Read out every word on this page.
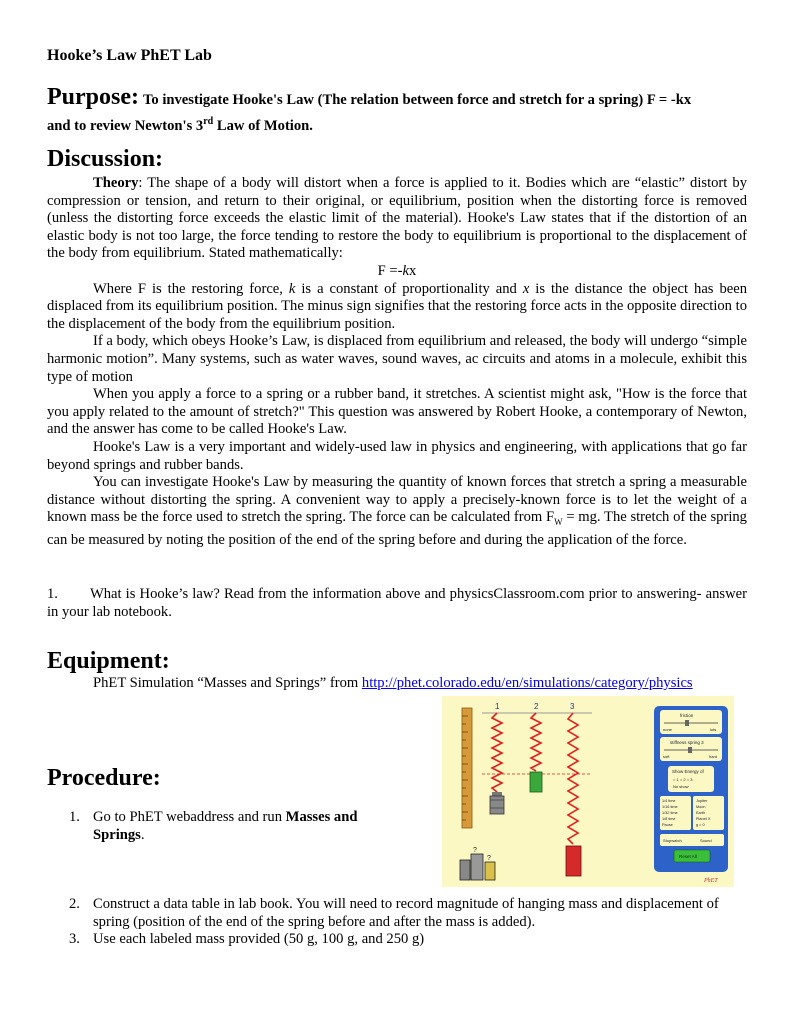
Hooke’s Law PhET Lab
Purpose: To investigate Hooke's Law (The relation between force and stretch for a spring) F = -kx
and to review Newton's 3rd Law of Motion.
Discussion:

Theory: The shape of a body will distort when a force is applied to it. Bodies which are “elastic” distort by compression or tension, and return to their original, or equilibrium, position when the distorting force is removed (unless the distorting force exceeds the elastic limit of the material). Hooke's Law states that if the distortion of an elastic body is not too large, the force tending to restore the body to equilibrium is proportional to the displacement of the body from equilibrium. Stated mathematically:

F =-kx

Where F is the restoring force, k is a constant of proportionality and x is the distance the object has been displaced from its equilibrium position. The minus sign signifies that the restoring force acts in the opposite direction to the displacement of the body from the equilibrium position.

If a body, which obeys Hooke’s Law, is displaced from equilibrium and released, the body will undergo “simple harmonic motion”. Many systems, such as water waves, sound waves, ac circuits and atoms in a molecule, exhibit this type of motion

When you apply a force to a spring or a rubber band, it stretches. A scientist might ask, "How is the force that you apply related to the amount of stretch?" This question was answered by Robert Hooke, a contemporary of Newton, and the answer has come to be called Hooke's Law.

Hooke's Law is a very important and widely-used law in physics and engineering, with applications that go far beyond springs and rubber bands.

You can investigate Hooke's Law by measuring the quantity of known forces that stretch a spring a measurable distance without distorting the spring. A convenient way to apply a precisely-known force is to let the weight of a known mass be the force used to stretch the spring. The force can be calculated from $F_W$ = mg. The stretch of the spring can be measured by noting the position of the end of the spring before and during the application of the force.

1. What is Hooke’s law? Read from the information above and physicsClassroom.com prior to answering- answer in your lab notebook.
Equipment:
PhET Simulation “Masses and Springs” from http://phet.colorado.edu/en/simulations/category/physics
Procedure:
1. Go to PhET webaddress and run Masses and Springs.
2. Construct a data table in lab book. You will need to record magnitude of hanging mass and displacement of spring (position of the end of the spring before and after the mass is added).
3. Use each labeled mass provided (50 g, 100 g, and 250 g)
1	2	3
?
?
friction
none	lots
stiffness spring 3
soft	hard
Show Energy of
○ 1 ○ 2 ○ 3
No show
1/4 time
1/16 time
1/32 time
1/8 time
Pause
Jupiter
Moon
Earth
Planet X
g = 0
Stopwatch	Sound
Reset All
PhET
